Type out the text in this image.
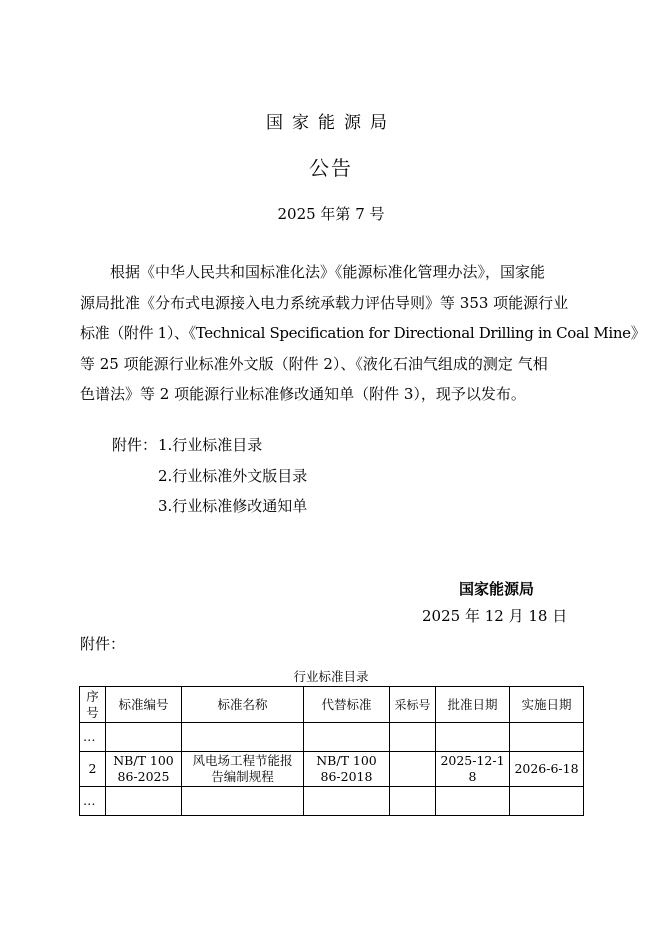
国家能源局
公告
2025 年第 7 号
根据《中华人民共和国标准化法》《能源标准化管理办法》，国家能
源局批准《分布式电源接入电力系统承载力评估导则》等 353 项能源行业
标准（附件 1）、《Technical Specification for Directional Drilling in Coal Mine》
等 25 项能源行业标准外文版（附件 2）、《液化石油气组成的测定 气相
色谱法》等 2 项能源行业标准修改通知单（附件 3），现予以发布。
附件： 1.行业标准目录
2.行业标准外文版目录
3.行业标准修改通知单
国家能源局
2025 年 12 月 18 日
附件：
行业标准目录
序号	标准编号	标准名称	代替标准	采标号	批准日期	实施日期
…						
2	NB/T 10086-2025	风电场工程节能报告编制规程	NB/T 10086-2018		2025-12-18	2026-6-18
…						
